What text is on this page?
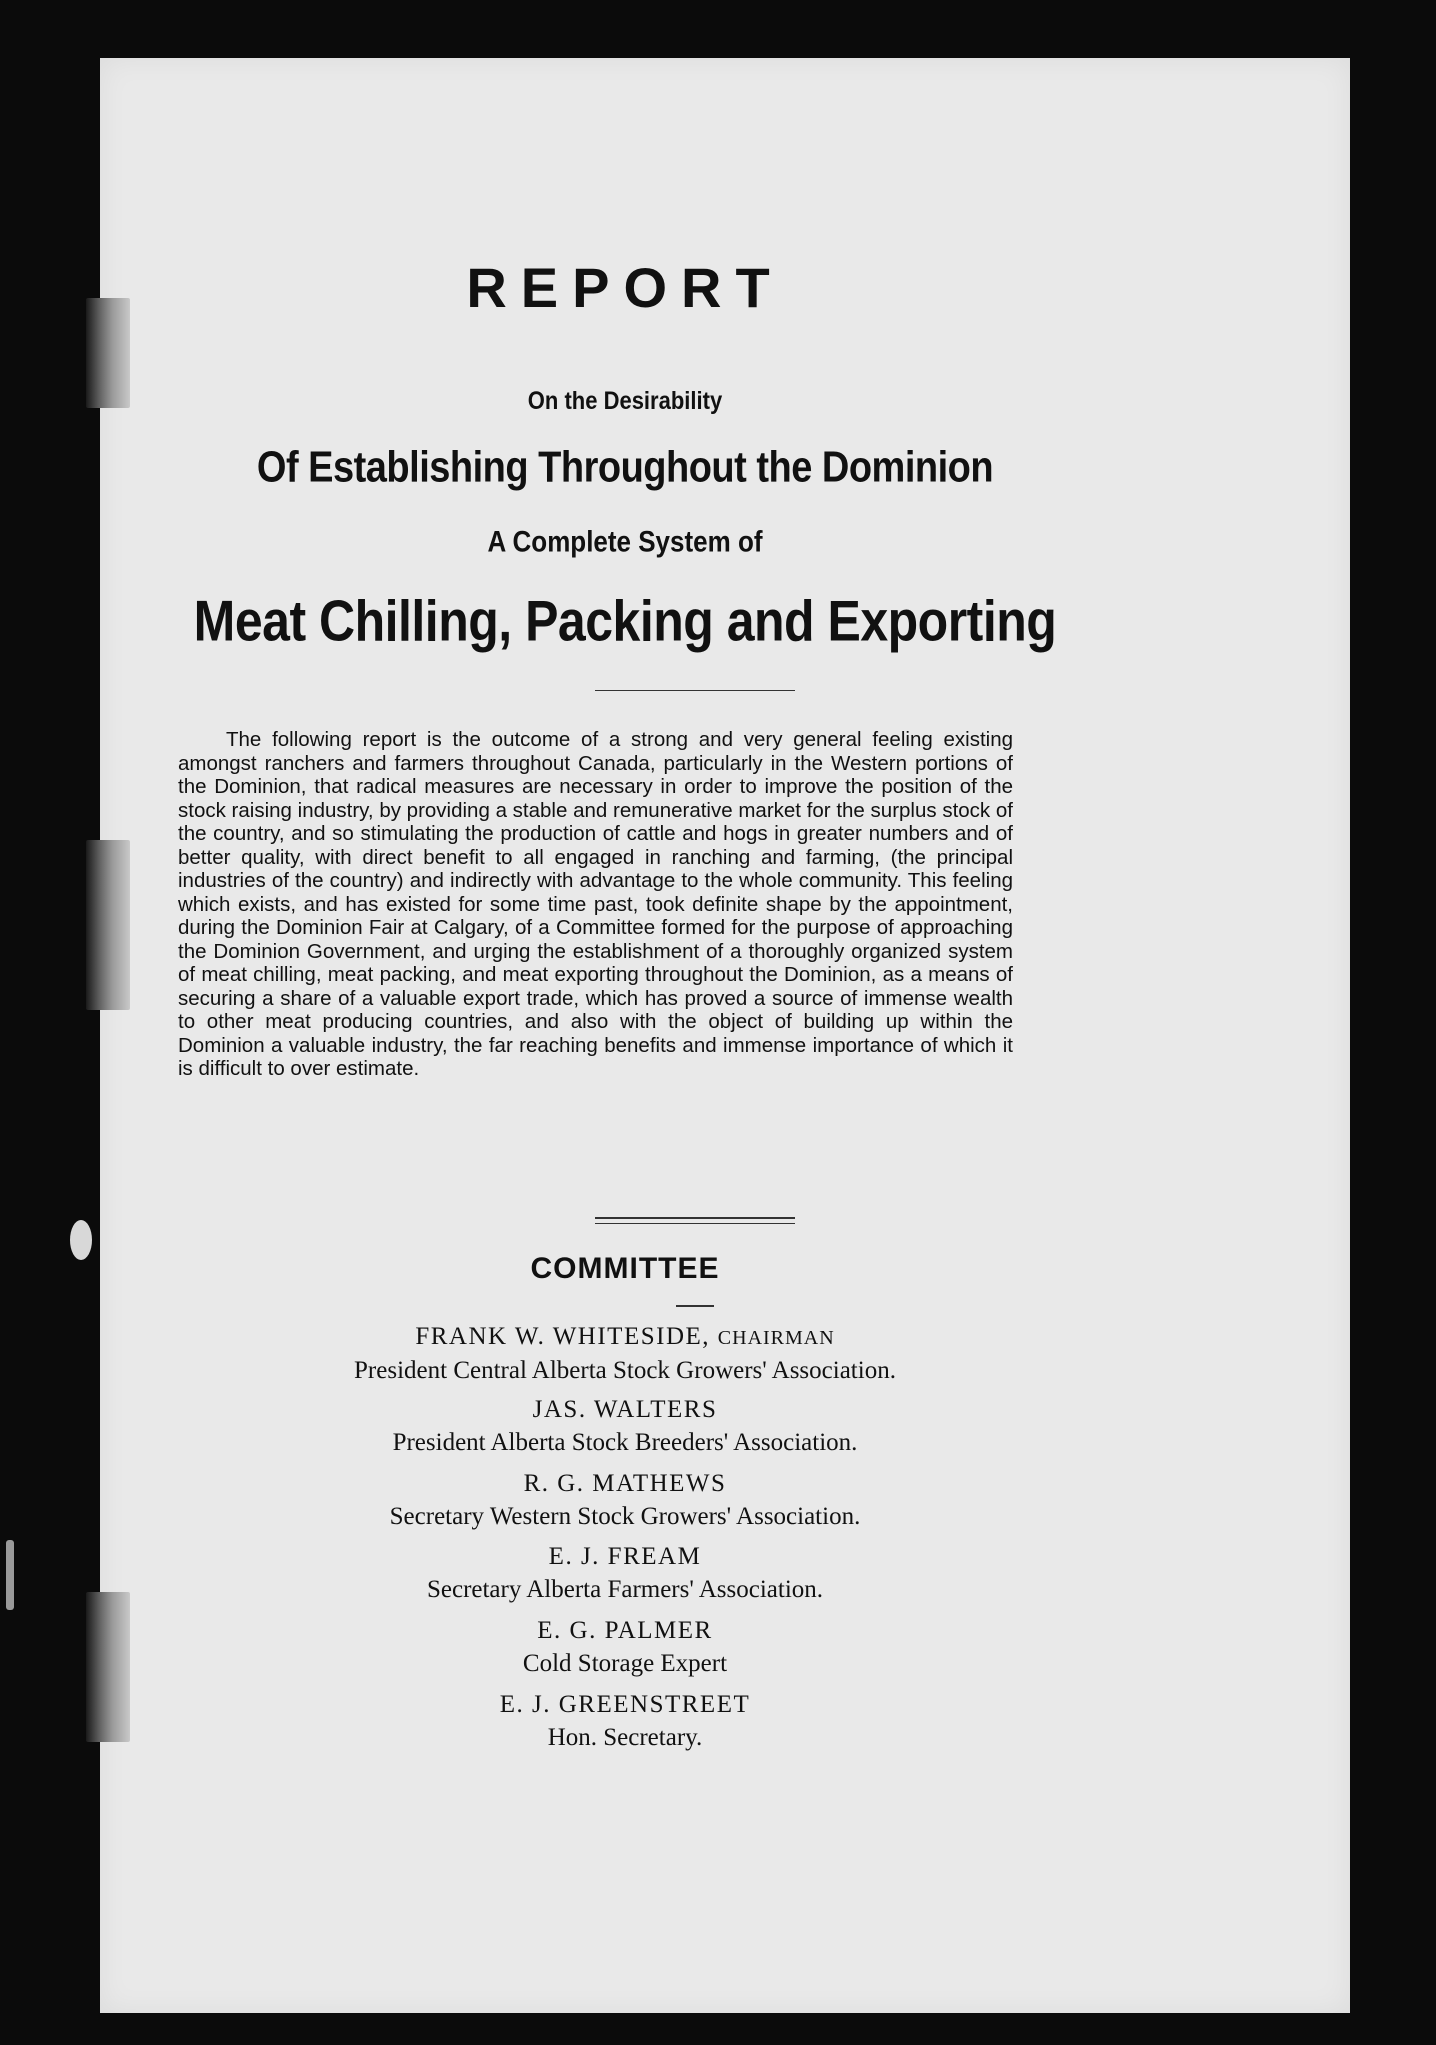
REPORT
On the Desirability
Of Establishing Throughout the Dominion
A Complete System of
Meat Chilling, Packing and Exporting

The following report is the outcome of a strong and very general feeling existing amongst ranchers and farmers throughout Canada, particularly in the Western portions of the Dominion, that radical measures are necessary in order to improve the position of the stock raising industry, by providing a stable and remunerative market for the surplus stock of the country, and so stimulating the production of cattle and hogs in greater numbers and of better quality, with direct benefit to all engaged in ranching and farming, (the principal industries of the country) and indirectly with advantage to the whole community. This feeling which exists, and has existed for some time past, took definite shape by the appointment, during the Dominion Fair at Calgary, of a Committee formed for the purpose of approaching the Dominion Government, and urging the establishment of a thoroughly organized system of meat chilling, meat packing, and meat exporting throughout the Dominion, as a means of securing a share of a valuable export trade, which has proved a source of immense wealth to other meat producing countries, and also with the object of building up within the Dominion a valuable industry, the far reaching benefits and immense importance of which it is difficult to over estimate.

COMMITTEE
FRANK W. WHITESIDE, CHAIRMAN
President Central Alberta Stock Growers' Association.
JAS. WALTERS
President Alberta Stock Breeders' Association.
R. G. MATHEWS
Secretary Western Stock Growers' Association.
E. J. FREAM
Secretary Alberta Farmers' Association.
E. G. PALMER
Cold Storage Expert
E. J. GREENSTREET
Hon. Secretary.
